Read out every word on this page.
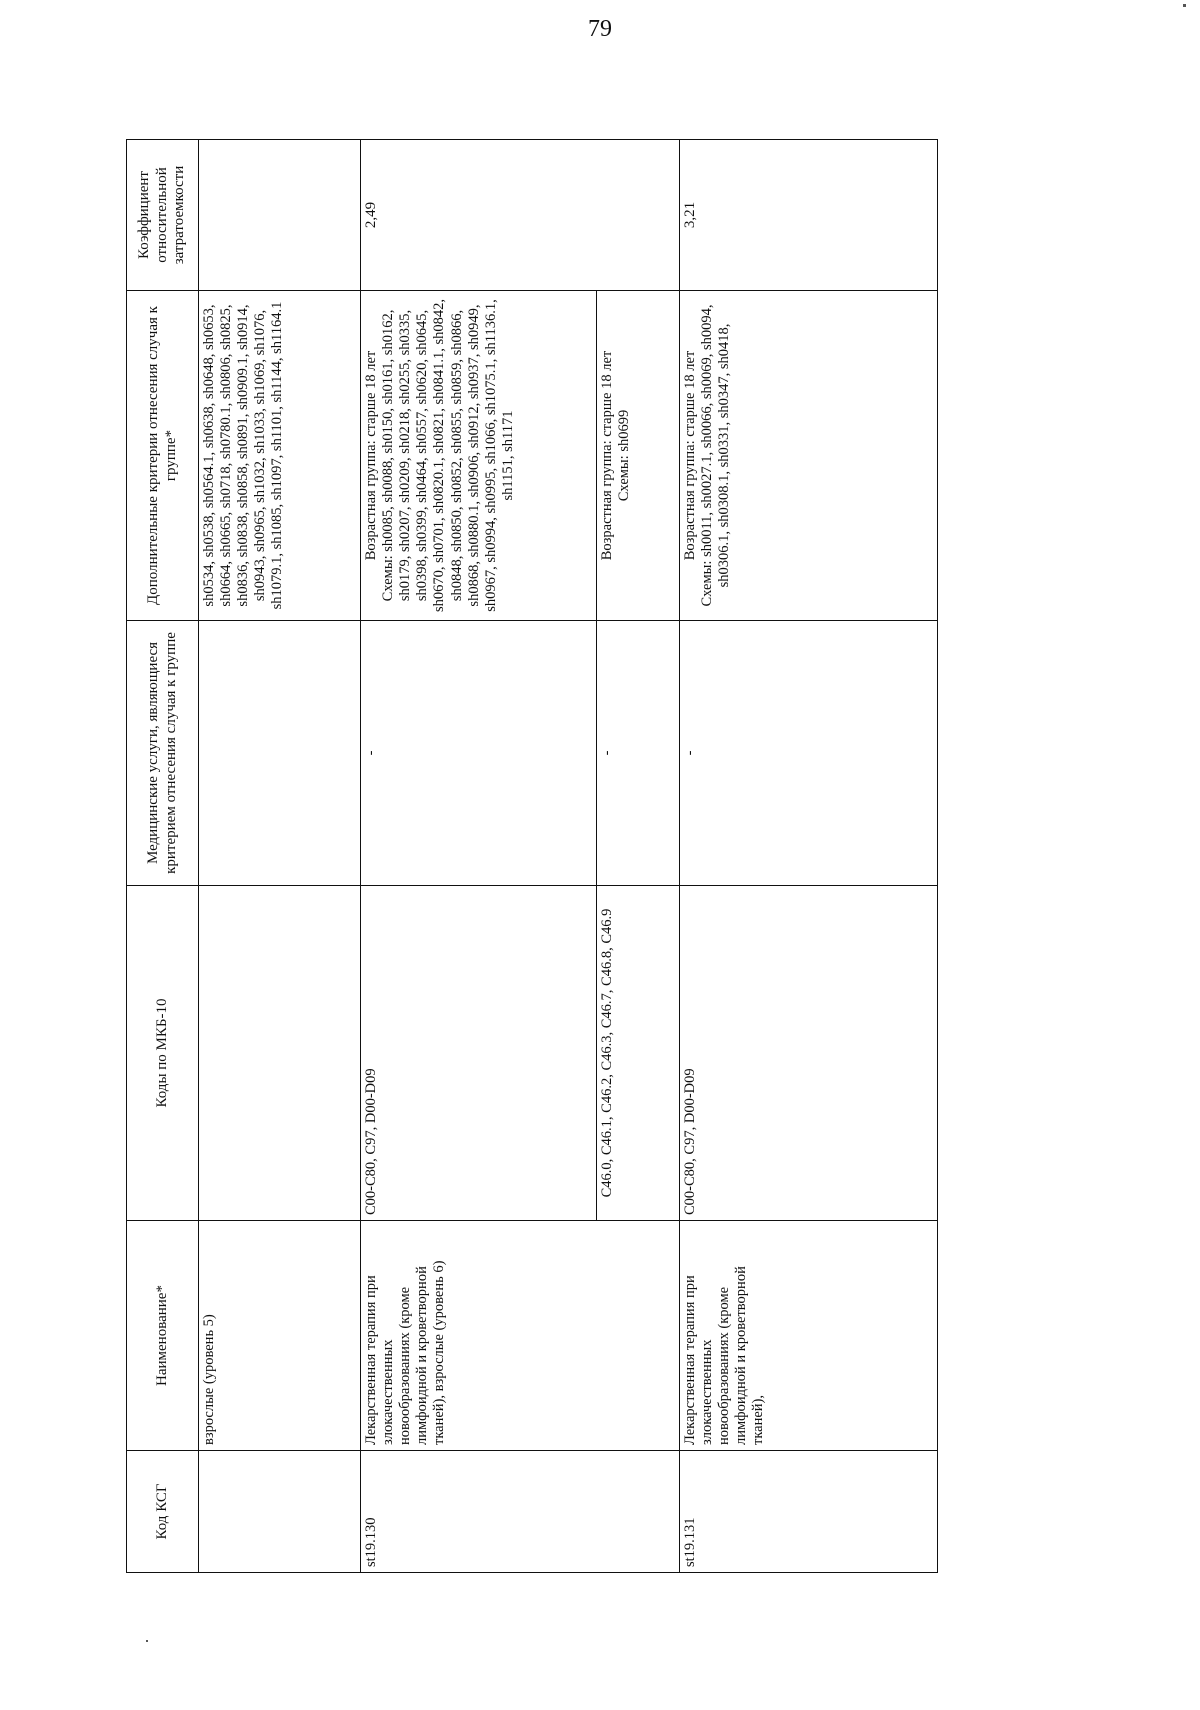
79
Код КСГ	Наименование*	Коды по МКБ-10	Медицинские услуги, являющиеся критерием отнесения случая к группе	Дополнительные критерии отнесения случая к группе*	Коэффициент относительной затратоемкости
	взрослые (уровень 5)			sh0534, sh0538, sh0564.1, sh0638, sh0648, sh0653, sh0664, sh0665, sh0718, sh0780.1, sh0806, sh0825, sh0836, sh0838, sh0858, sh0891, sh0909.1, sh0914, sh0943, sh0965, sh1032, sh1033, sh1069, sh1076, sh1079.1, sh1085, sh1097, sh1101, sh1144, sh1164.1	
st19.130	Лекарственная терапия при злокачественных новообразованиях (кроме лимфоидной и кроветворной тканей), взрослые (уровень 6)	C00-C80, C97, D00-D09	-	Возрастная группа: старше 18 лет Схемы: sh0085, sh0088, sh0150, sh0161, sh0162, sh0179, sh0207, sh0209, sh0218, sh0255, sh0335, sh0398, sh0399, sh0464, sh0557, sh0620, sh0645, sh0670, sh0701, sh0820.1, sh0821, sh0841.1, sh0842, sh0848, sh0850, sh0852, sh0855, sh0859, sh0866, sh0868, sh0880.1, sh0906, sh0912, sh0937, sh0949, sh0967, sh0994, sh0995, sh1066, sh1075.1, sh1136.1, sh1151, sh1171	2,49
		C46.0, C46.1, C46.2, C46.3, C46.7, C46.8, C46.9	-	Возрастная группа: старше 18 лет Схемы: sh0699	

st19.131	Лекарственная терапия при злокачественных новообразованиях (кроме лимфоидной и кроветворной тканей),	C00-C80, C97, D00-D09	-	Возрастная группа: старше 18 лет Схемы: sh0011, sh0027.1, sh0066, sh0069, sh0094, sh0306.1, sh0308.1, sh0331, sh0347, sh0418,	3,21
